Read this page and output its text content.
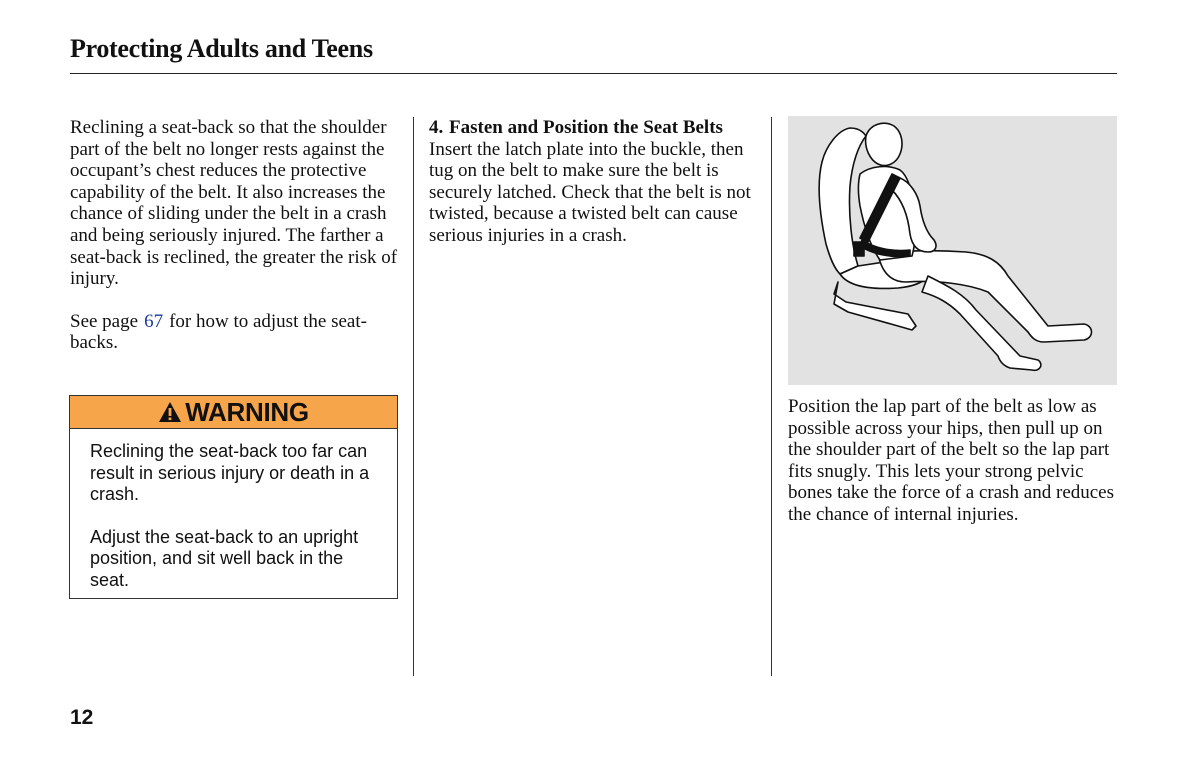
Protecting Adults and Teens

Reclining a seat-back so that the shoulder part of the belt no longer rests against the occupant’s chest reduces the protective capability of the belt. It also increases the chance of sliding under the belt in a crash and being seriously injured. The farther a seat-back is reclined, the greater the risk of injury.

See page 67 for how to adjust the seat-backs.

WARNING

Reclining the seat-back too far can result in serious injury or death in a crash.

Adjust the seat-back to an upright position, and sit well back in the seat.

4. Fasten and Position the Seat Belts

Insert the latch plate into the buckle, then tug on the belt to make sure the belt is securely latched. Check that the belt is not twisted, because a twisted belt can cause serious injuries in a crash.

Position the lap part of the belt as low as possible across your hips, then pull up on the shoulder part of the belt so the lap part fits snugly. This lets your strong pelvic bones take the force of a crash and reduces the chance of internal injuries.

12
